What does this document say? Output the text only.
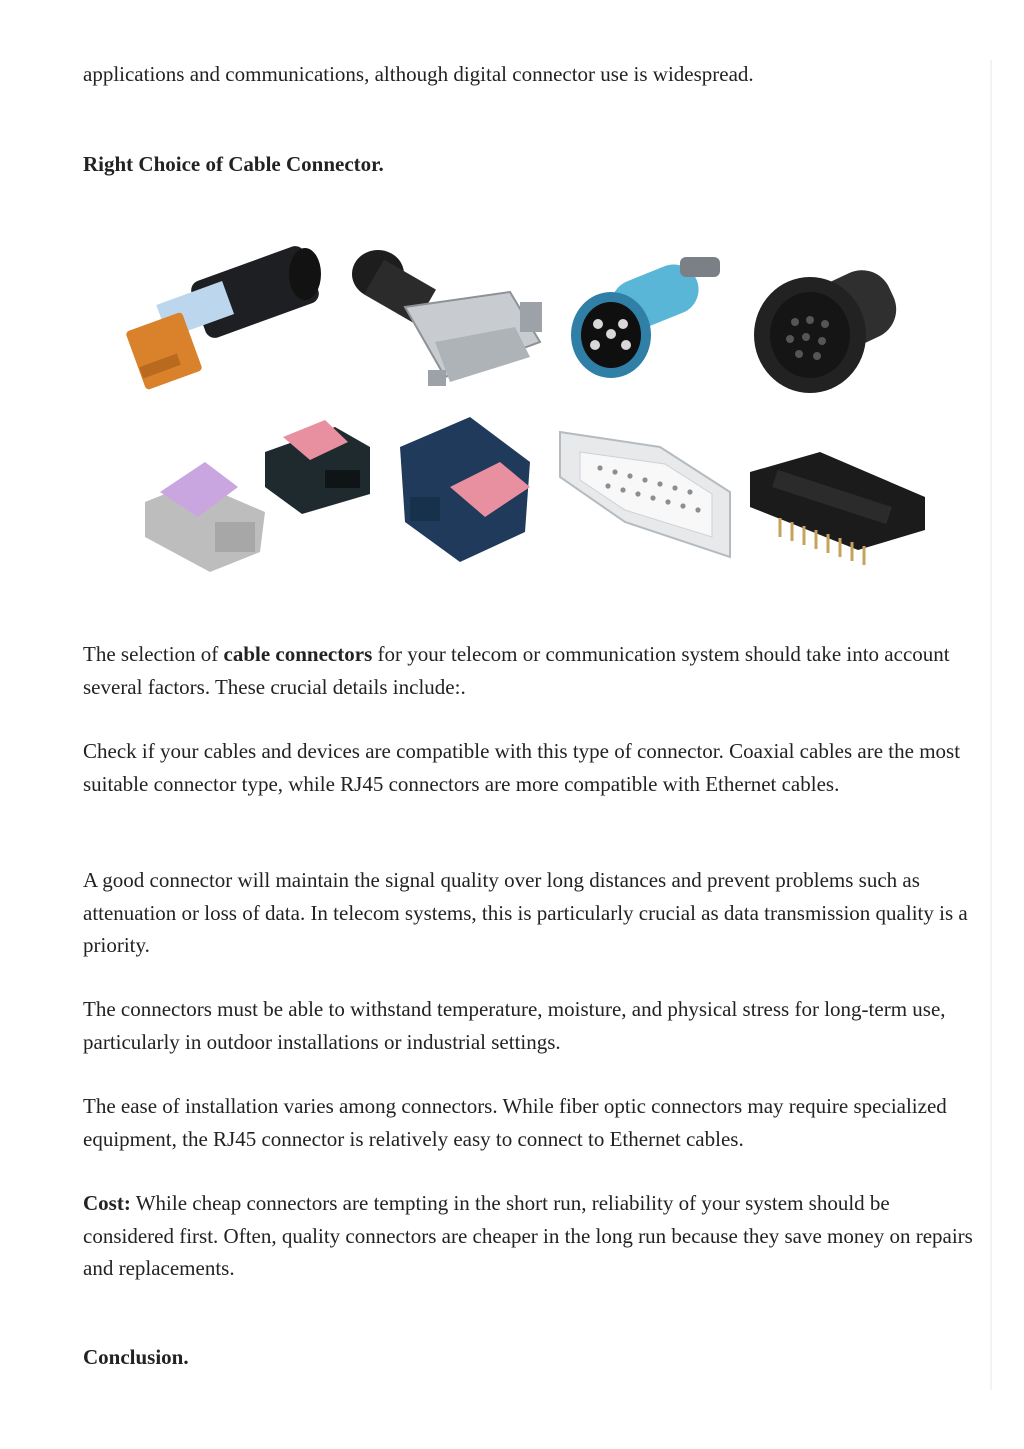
applications and communications, although digital connector use is widespread.

Right Choice of Cable Connector.

The selection of cable connectors for your telecom or communication system should take into account several factors. These crucial details include:.

Check if your cables and devices are compatible with this type of connector. Coaxial cables are the most suitable connector type, while RJ45 connectors are more compatible with Ethernet cables.

A good connector will maintain the signal quality over long distances and prevent problems such as attenuation or loss of data. In telecom systems, this is particularly crucial as data transmission quality is a priority.

The connectors must be able to withstand temperature, moisture, and physical stress for long-term use, particularly in outdoor installations or industrial settings.

The ease of installation varies among connectors. While fiber optic connectors may require specialized equipment, the RJ45 connector is relatively easy to connect to Ethernet cables.

Cost: While cheap connectors are tempting in the short run, reliability of your system should be considered first. Often, quality connectors are cheaper in the long run because they save money on repairs and replacements.

Conclusion.
